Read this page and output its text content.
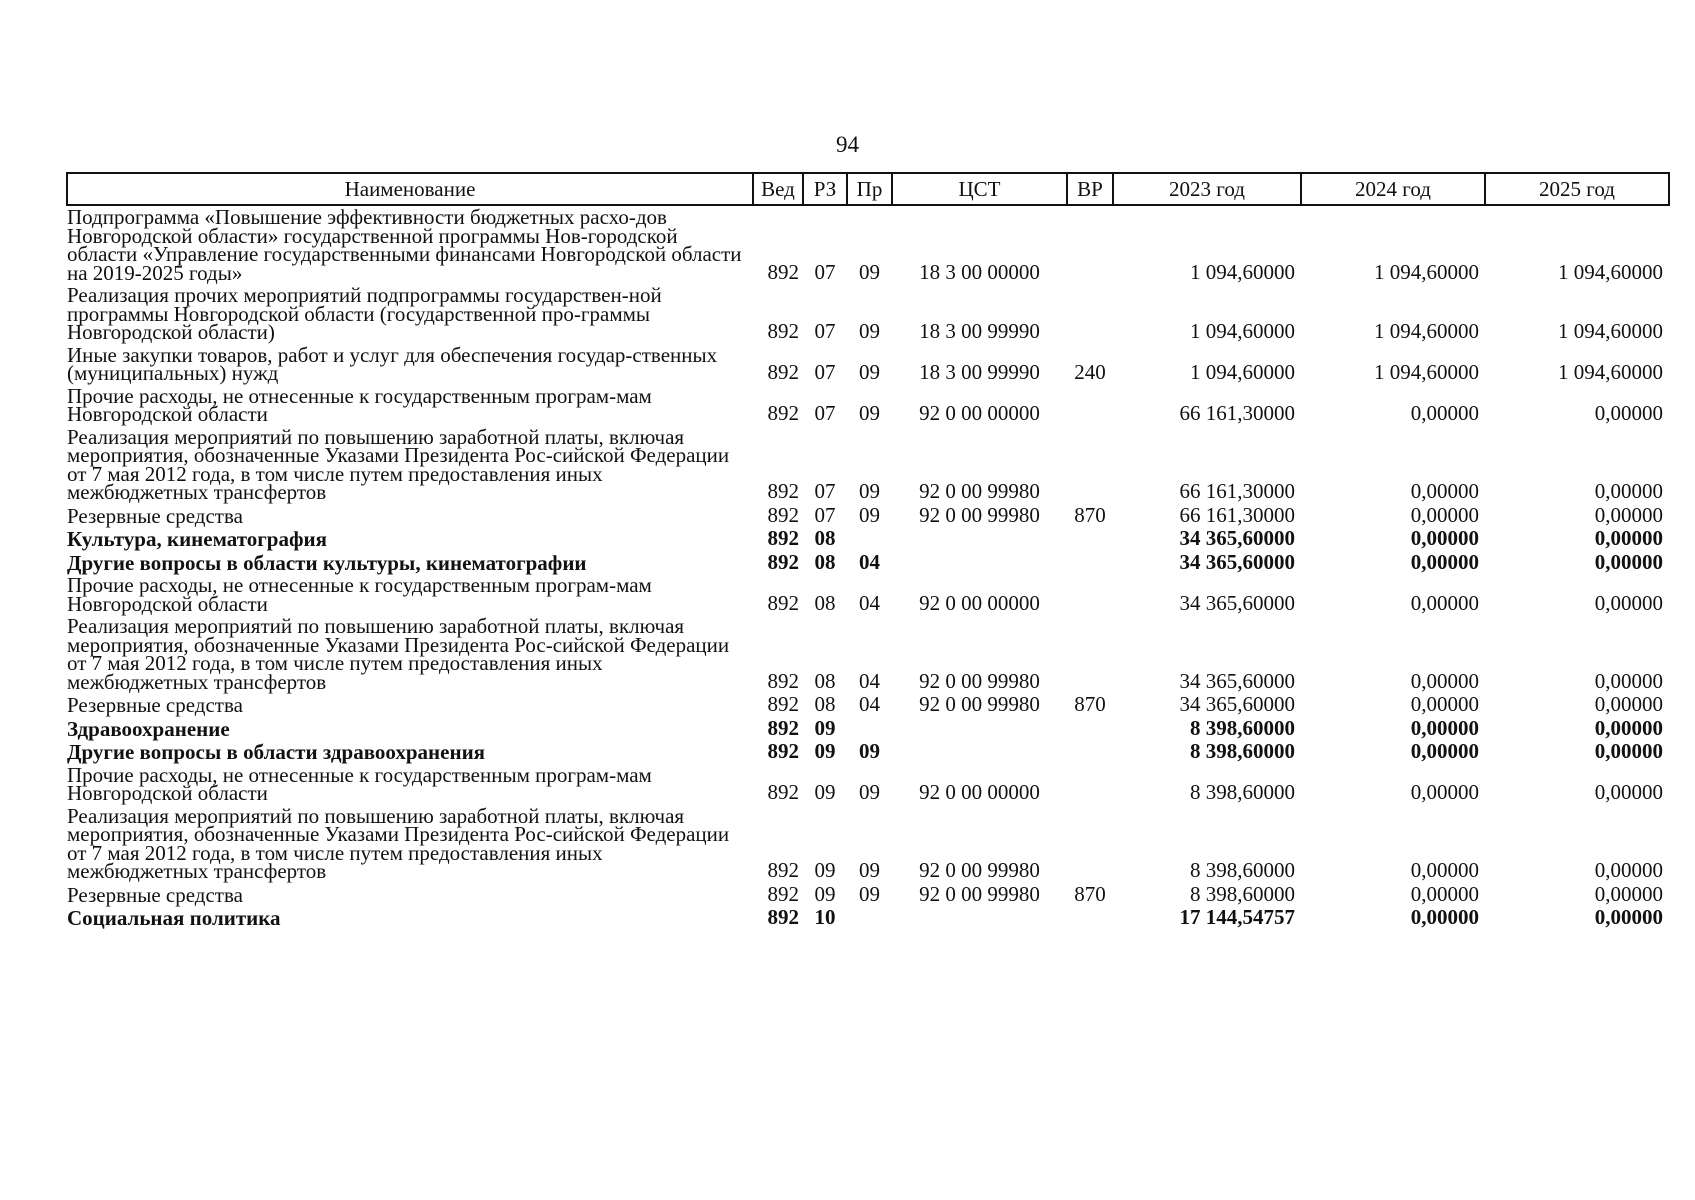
94
Наименование	Вед	РЗ	Пр	ЦСТ	ВР	2023 год	2024 год	2025 год
Подпрограмма «Повышение эффективности бюджетных расхо-дов Новгородской области» государственной программы Нов-городской области «Управление государственными финансами Новгородской области на 2019-2025 годы»	892	07	09	18 3 00 00000		1 094,60000	1 094,60000	1 094,60000
Реализация прочих мероприятий подпрограммы государствен-ной программы Новгородской области (государственной про-граммы Новгородской области)	892	07	09	18 3 00 99990		1 094,60000	1 094,60000	1 094,60000
Иные закупки товаров, работ и услуг для обеспечения государ-ственных (муниципальных) нужд	892	07	09	18 3 00 99990	240	1 094,60000	1 094,60000	1 094,60000
Прочие расходы, не отнесенные к государственным програм-мам Новгородской области	892	07	09	92 0 00 00000		66 161,30000	0,00000	0,00000
Реализация мероприятий по повышению заработной платы, включая мероприятия, обозначенные Указами Президента Рос-сийской Федерации от 7 мая 2012 года, в том числе путем предоставления иных межбюджетных трансфертов	892	07	09	92 0 00 99980		66 161,30000	0,00000	0,00000
Резервные средства	892	07	09	92 0 00 99980	870	66 161,30000	0,00000	0,00000
Культура, кинематография	892	08				34 365,60000	0,00000	0,00000
Другие вопросы в области культуры, кинематографии	892	08	04			34 365,60000	0,00000	0,00000
Прочие расходы, не отнесенные к государственным програм-мам Новгородской области	892	08	04	92 0 00 00000		34 365,60000	0,00000	0,00000
Реализация мероприятий по повышению заработной платы, включая мероприятия, обозначенные Указами Президента Рос-сийской Федерации от 7 мая 2012 года, в том числе путем предоставления иных межбюджетных трансфертов	892	08	04	92 0 00 99980		34 365,60000	0,00000	0,00000
Резервные средства	892	08	04	92 0 00 99980	870	34 365,60000	0,00000	0,00000
Здравоохранение	892	09				8 398,60000	0,00000	0,00000
Другие вопросы в области здравоохранения	892	09	09			8 398,60000	0,00000	0,00000
Прочие расходы, не отнесенные к государственным програм-мам Новгородской области	892	09	09	92 0 00 00000		8 398,60000	0,00000	0,00000
Реализация мероприятий по повышению заработной платы, включая мероприятия, обозначенные Указами Президента Рос-сийской Федерации от 7 мая 2012 года, в том числе путем предоставления иных межбюджетных трансфертов	892	09	09	92 0 00 99980		8 398,60000	0,00000	0,00000
Резервные средства	892	09	09	92 0 00 99980	870	8 398,60000	0,00000	0,00000
Социальная политика	892	10				17 144,54757	0,00000	0,00000
